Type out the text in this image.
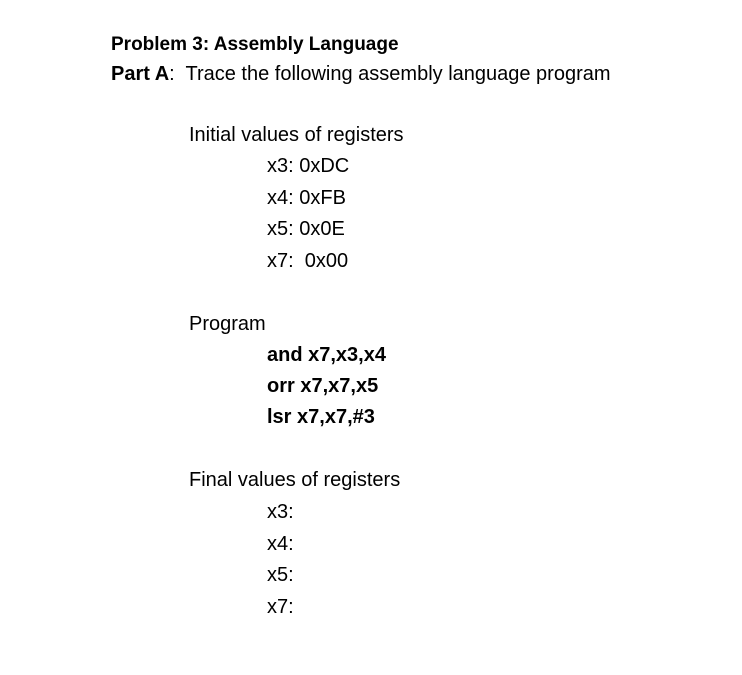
Problem 3: Assembly Language
Part A:  Trace the following assembly language program
Initial values of registers
x3: 0xDC
x4: 0xFB
x5: 0x0E
x7:  0x00
Program
and x7,x3,x4
orr x7,x7,x5
lsr x7,x7,#3
Final values of registers
x3:
x4:
x5:
x7:
